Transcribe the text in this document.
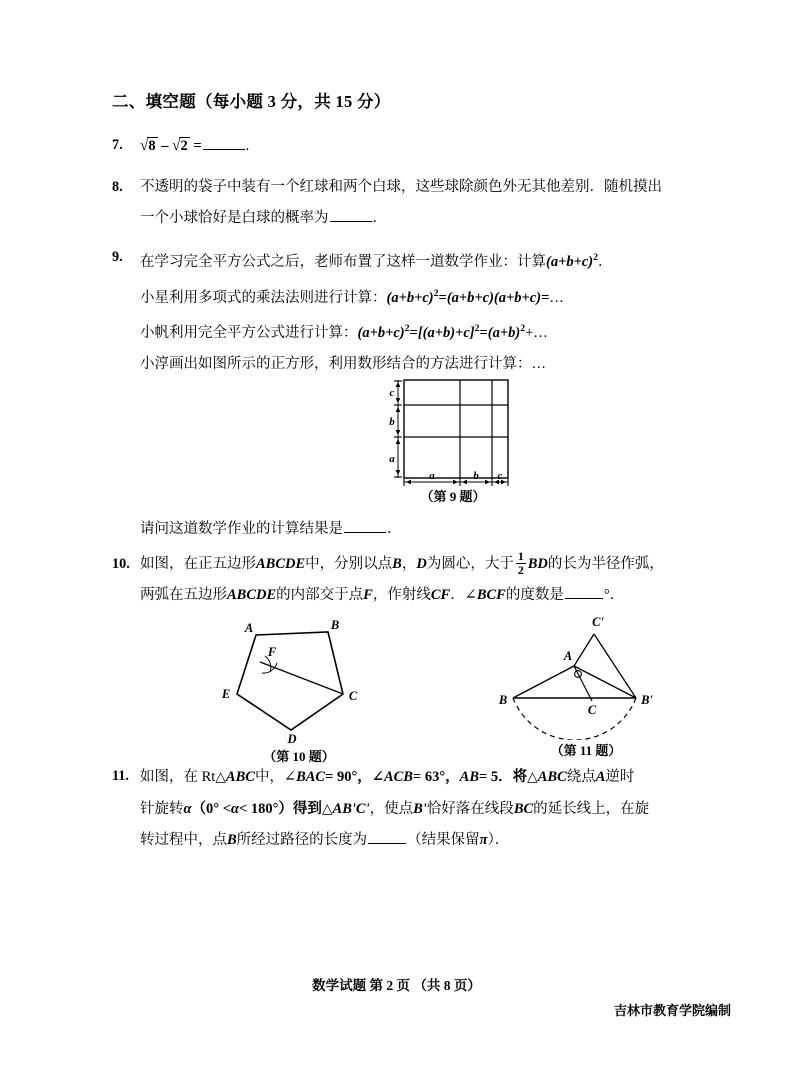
二、填空题（每小题 3 分，共 15 分）
7.	√8 – √2 =	.
8.	不透明的袋子中装有一个红球和两个白球，这些球除颜色外无其他差别．随机摸出
一个小球恰好是白球的概率为	．
9.	在学习完全平方公式之后，老师布置了这样一道数学作业：计算$(a+b+c)^2$．
小星利用多项式的乘法法则进行计算：$(a+b+c)^2=(a+b+c)(a+b+c)=\dots$
小帆利用完全平方公式进行计算：$(a+b+c)^2=[(a+b)+c]^2=(a+b)^2+\dots$
小淳画出如图所示的正方形，利用数形结合的方法进行计算：…
请问这道数学作业的计算结果是	．
10. 如图，在正五边形ABCDE中，分别以点B，D为圆心，大于 $\frac{1}{2}$ BD的长为半径作弧，
两弧在五边形ABCDE的内部交于点F，作射线CF．∠BCF的度数是	°．
11. 如图，在 Rt△ABC中，∠BAC= 90°，∠ACB= 63°，AB= 5．将△ABC绕点A逆时
针旋转α（0° <α< 180°）得到△AB'C'，使点B'恰好落在线段BC的延长线上，在旋
转过程中，点B所经过路径的长度为	（结果保留π）．
c
b
a
a	b c
（第 9 题）
A	B
C
D
E
F
（第 10 题）
C'
A
B
C
B'
（第 11 题）
数学试题 第 2 页 （共 8 页）
吉林市教育学院编制
